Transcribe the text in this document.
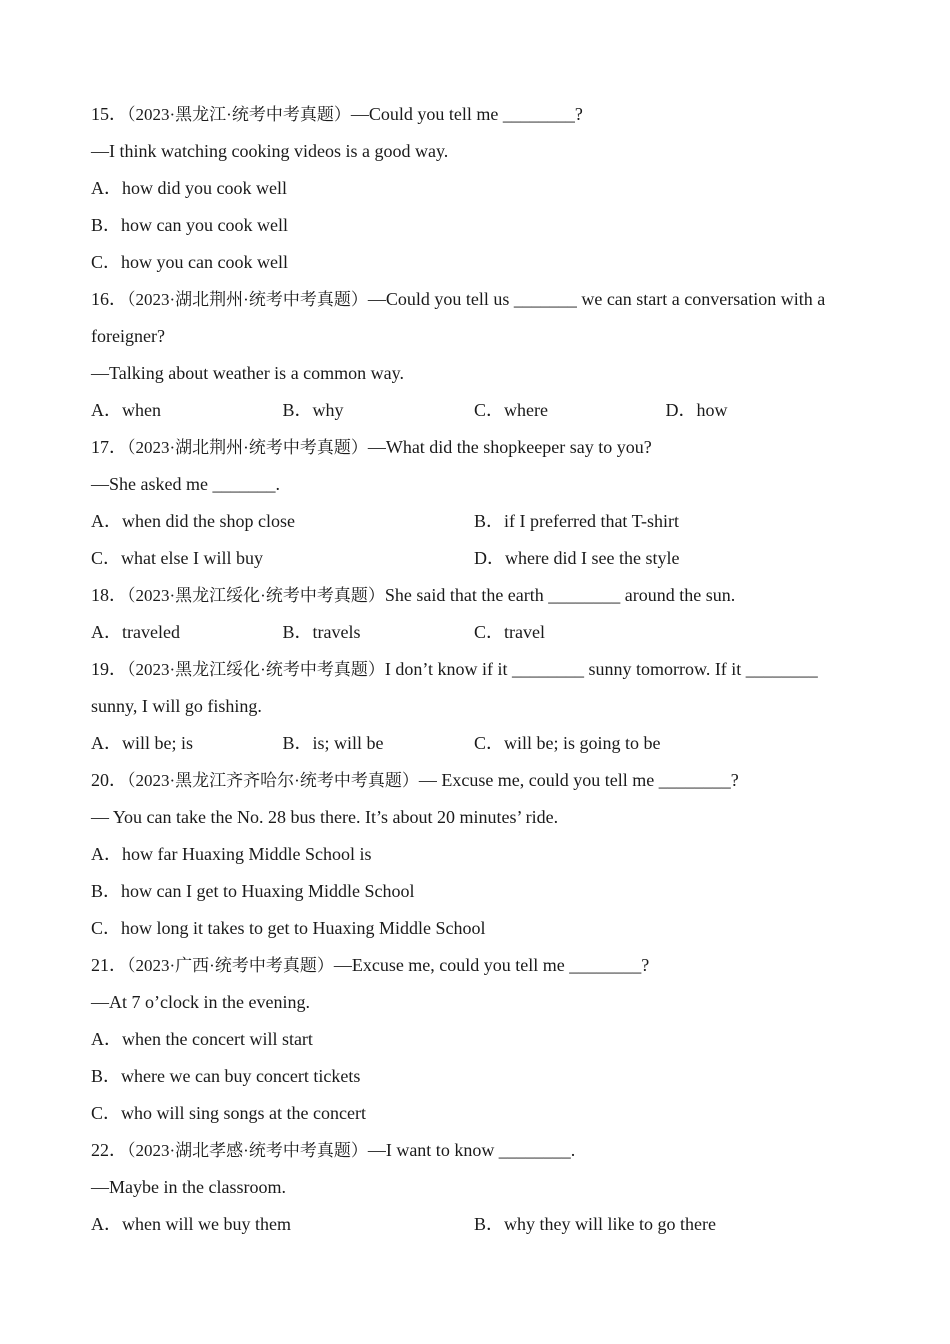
15．（2023·黑龙江·统考中考真题）—Could you tell me ________?
—I think watching cooking videos is a good way.
A．how did you cook well
B．how can you cook well
C．how you can cook well
16．（2023·湖北荆州·统考中考真题）—Could you tell us _______ we can start a conversation with a foreigner?
—Talking about weather is a common way.
A．when	B．why	C．where	D．how
17．（2023·湖北荆州·统考中考真题）—What did the shopkeeper say to you?
—She asked me _______.
A．when did the shop close	B．if I preferred that T-shirt
C．what else I will buy	D．where did I see the style
18．（2023·黑龙江绥化·统考中考真题）She said that the earth ________ around the sun.
A．traveled	B．travels	C．travel
19．（2023·黑龙江绥化·统考中考真题）I don’t know if it ________ sunny tomorrow. If it ________ sunny, I will go fishing.
A．will be; is	B．is; will be	C．will be; is going to be
20．（2023·黑龙江齐齐哈尔·统考中考真题）— Excuse me, could you tell me ________?
— You can take the No. 28 bus there. It’s about 20 minutes’ ride.
A．how far Huaxing Middle School is
B．how can I get to Huaxing Middle School
C．how long it takes to get to Huaxing Middle School
21．（2023·广西·统考中考真题）—Excuse me, could you tell me ________?
—At 7 o’clock in the evening.
A．when the concert will start
B．where we can buy concert tickets
C．who will sing songs at the concert
22．（2023·湖北孝感·统考中考真题）—I want to know ________.
—Maybe in the classroom.
A．when will we buy them	B．why they will like to go there
